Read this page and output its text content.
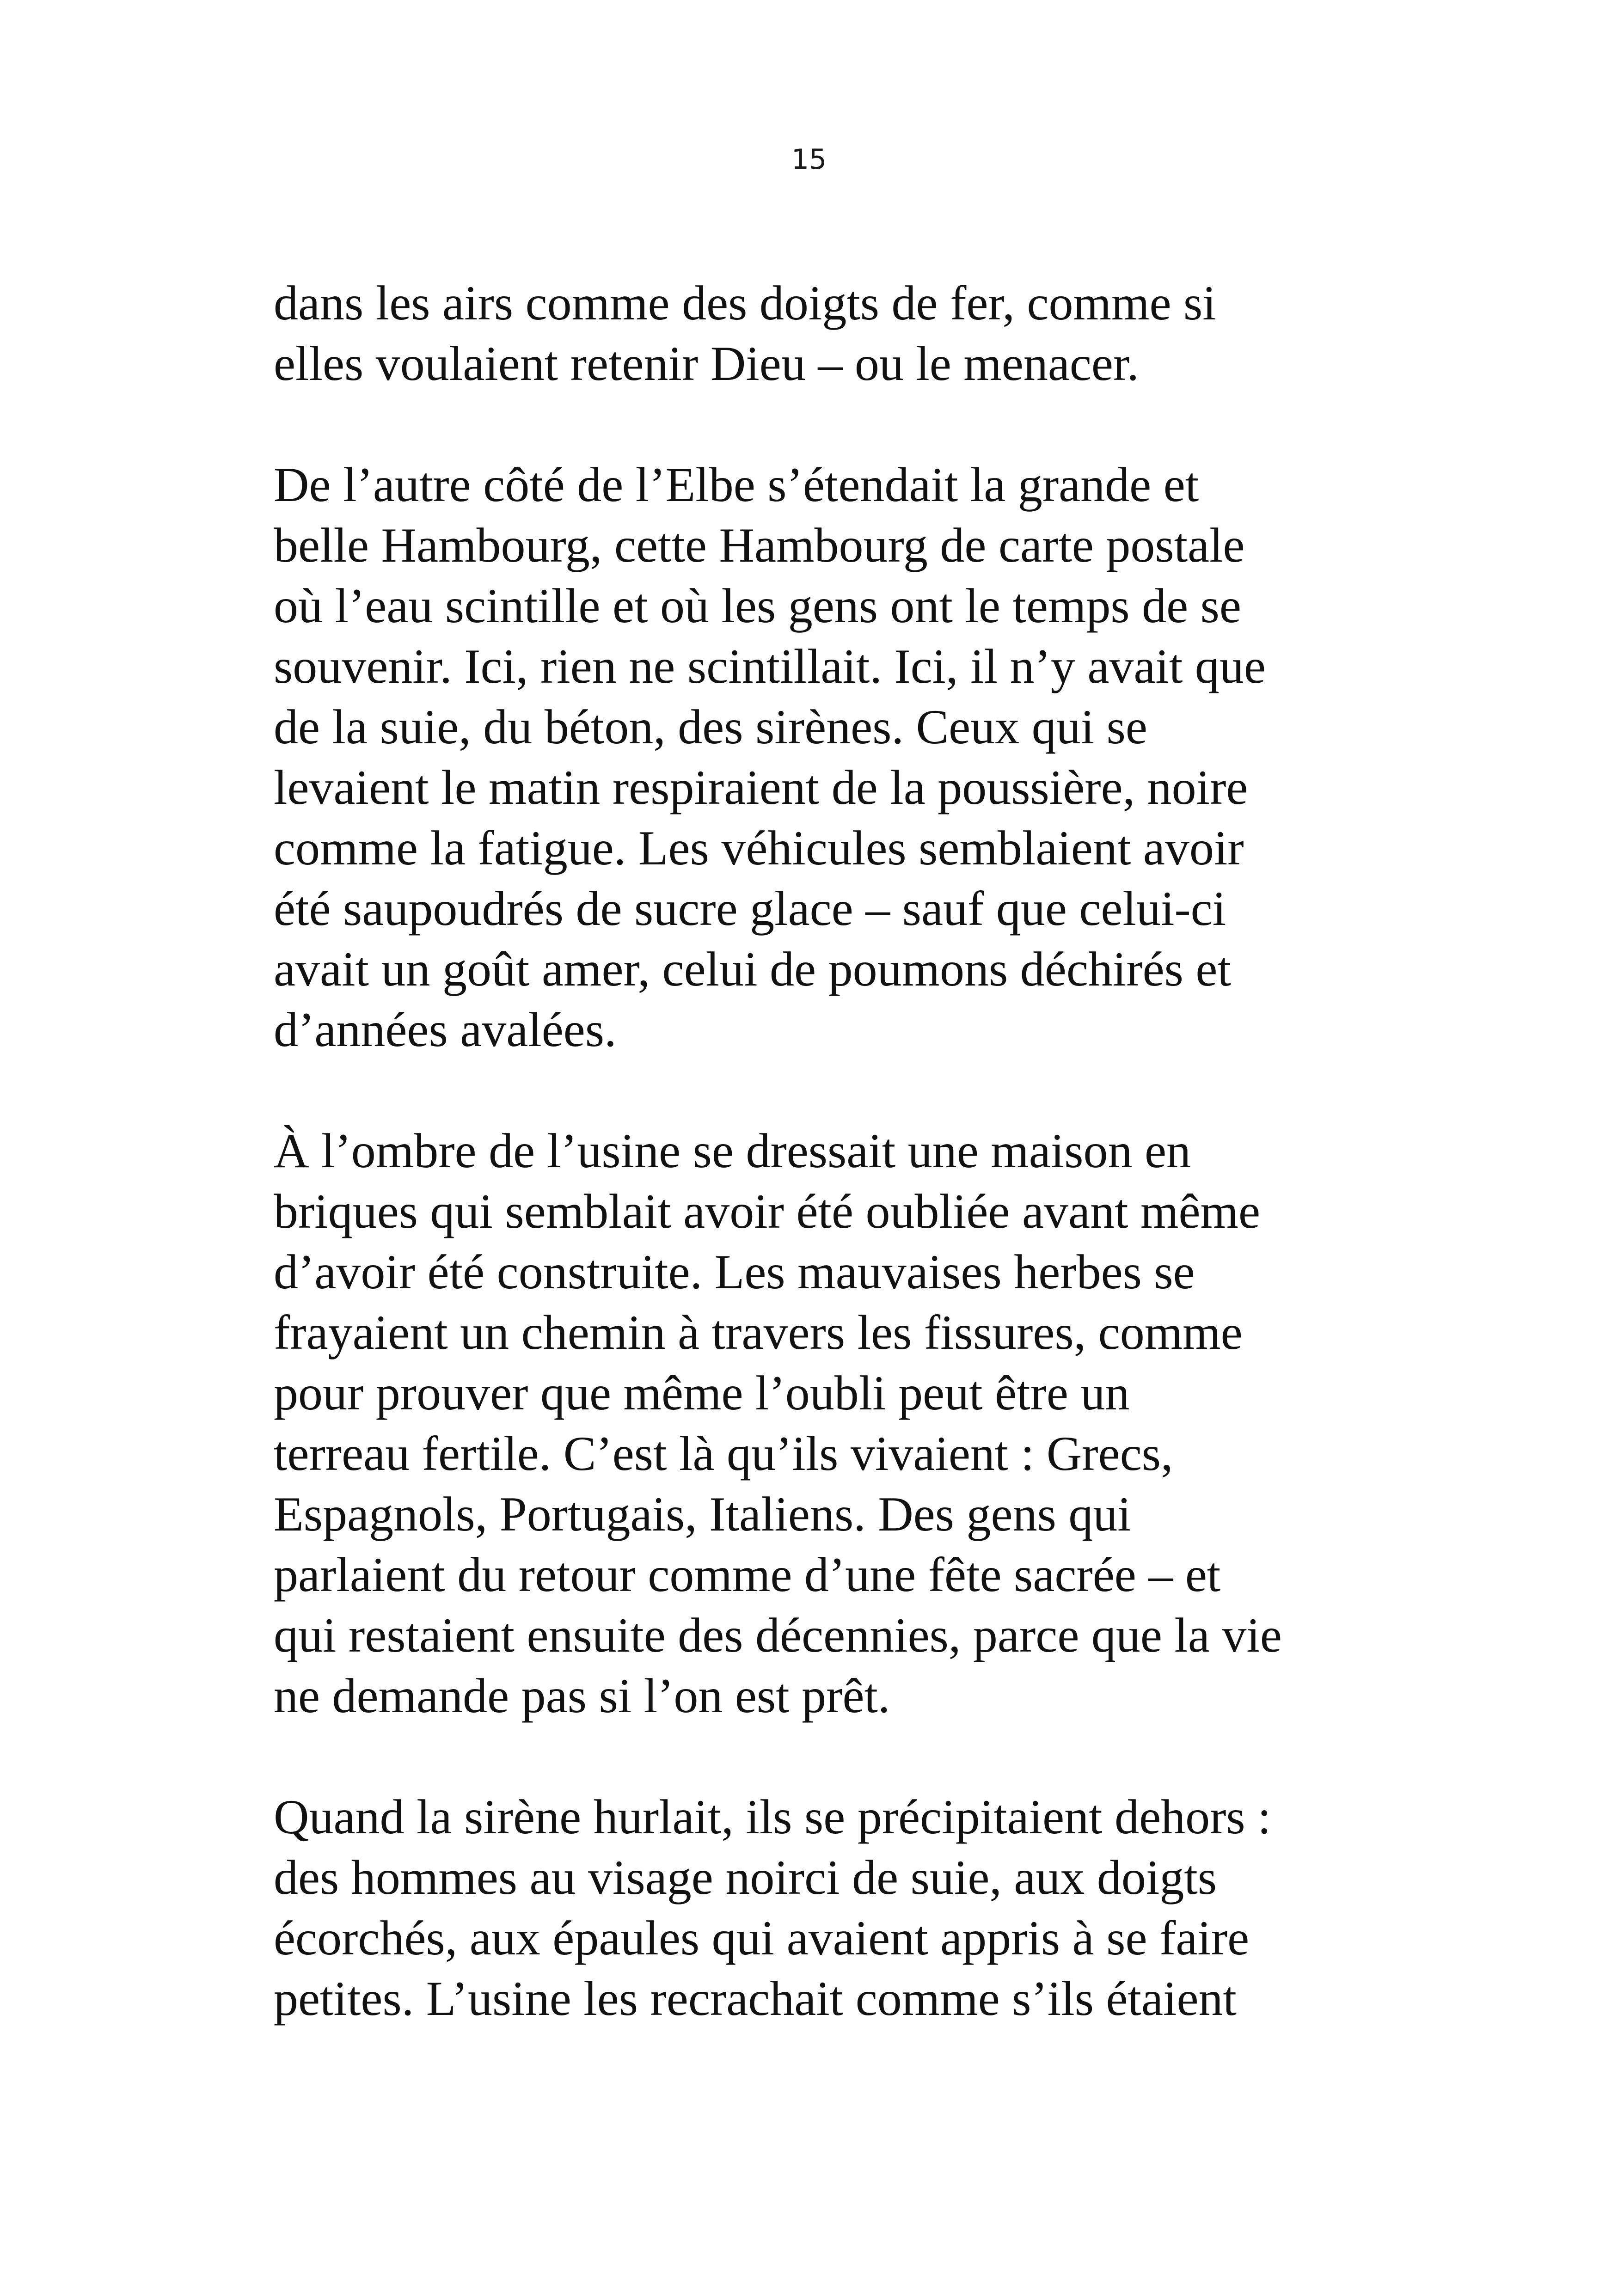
15
dans les airs comme des doigts de fer, comme si
elles voulaient retenir Dieu – ou le menacer.
De l’autre côté de l’Elbe s’étendait la grande et
belle Hambourg, cette Hambourg de carte postale
où l’eau scintille et où les gens ont le temps de se
souvenir. Ici, rien ne scintillait. Ici, il n’y avait que
de la suie, du béton, des sirènes. Ceux qui se
levaient le matin respiraient de la poussière, noire
comme la fatigue. Les véhicules semblaient avoir
été saupoudrés de sucre glace – sauf que celui-ci
avait un goût amer, celui de poumons déchirés et
d’années avalées.
À l’ombre de l’usine se dressait une maison en
briques qui semblait avoir été oubliée avant même
d’avoir été construite. Les mauvaises herbes se
frayaient un chemin à travers les fissures, comme
pour prouver que même l’oubli peut être un
terreau fertile. C’est là qu’ils vivaient : Grecs,
Espagnols, Portugais, Italiens. Des gens qui
parlaient du retour comme d’une fête sacrée – et
qui restaient ensuite des décennies, parce que la vie
ne demande pas si l’on est prêt.
Quand la sirène hurlait, ils se précipitaient dehors :
des hommes au visage noirci de suie, aux doigts
écorchés, aux épaules qui avaient appris à se faire
petites. L’usine les recrachait comme s’ils étaient
